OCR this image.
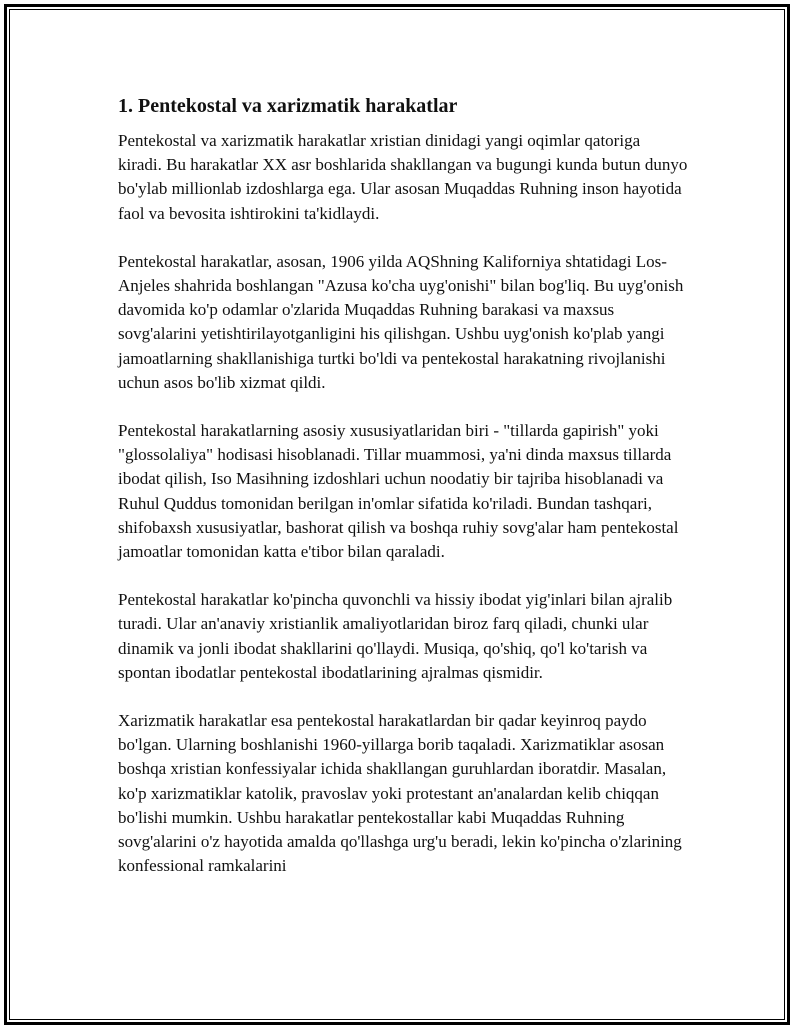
1. Pentekostal va xarizmatik harakatlar

Pentekostal va xarizmatik harakatlar xristian dinidagi yangi oqimlar qatoriga kiradi. Bu harakatlar XX asr boshlarida shakllangan va bugungi kunda butun dunyo bo'ylab millionlab izdoshlarga ega. Ular asosan Muqaddas Ruhning inson hayotida faol va bevosita ishtirokini ta'kidlaydi.

Pentekostal harakatlar, asosan, 1906 yilda AQShning Kaliforniya shtatidagi Los-Anjeles shahrida boshlangan "Azusa ko'cha uyg'onishi" bilan bog'liq. Bu uyg'onish davomida ko'p odamlar o'zlarida Muqaddas Ruhning barakasi va maxsus sovg'alarini yetishtirilayotganligini his qilishgan. Ushbu uyg'onish ko'plab yangi jamoatlarning shakllanishiga turtki bo'ldi va pentekostal harakatning rivojlanishi uchun asos bo'lib xizmat qildi.

Pentekostal harakatlarning asosiy xususiyatlaridan biri - "tillarda gapirish" yoki "glossolaliya" hodisasi hisoblanadi. Tillar muammosi, ya'ni dinda maxsus tillarda ibodat qilish, Iso Masihning izdoshlari uchun noodatiy bir tajriba hisoblanadi va Ruhul Quddus tomonidan berilgan in'omlar sifatida ko'riladi. Bundan tashqari, shifobaxsh xususiyatlar, bashorat qilish va boshqa ruhiy sovg'alar ham pentekostal jamoatlar tomonidan katta e'tibor bilan qaraladi.

Pentekostal harakatlar ko'pincha quvonchli va hissiy ibodat yig'inlari bilan ajralib turadi. Ular an'anaviy xristianlik amaliyotlaridan biroz farq qiladi, chunki ular dinamik va jonli ibodat shakllarini qo'llaydi. Musiqa, qo'shiq, qo'l ko'tarish va spontan ibodatlar pentekostal ibodatlarining ajralmas qismidir.

Xarizmatik harakatlar esa pentekostal harakatlardan bir qadar keyinroq paydo bo'lgan. Ularning boshlanishi 1960-yillarga borib taqaladi. Xarizmatiklar asosan boshqa xristian konfessiyalar ichida shakllangan guruhlardan iboratdir. Masalan, ko'p xarizmatiklar katolik, pravoslav yoki protestant an'analardan kelib chiqqan bo'lishi mumkin. Ushbu harakatlar pentekostallar kabi Muqaddas Ruhning sovg'alarini o'z hayotida amalda qo'llashga urg'u beradi, lekin ko'pincha o'zlarining konfessional ramkalarini
